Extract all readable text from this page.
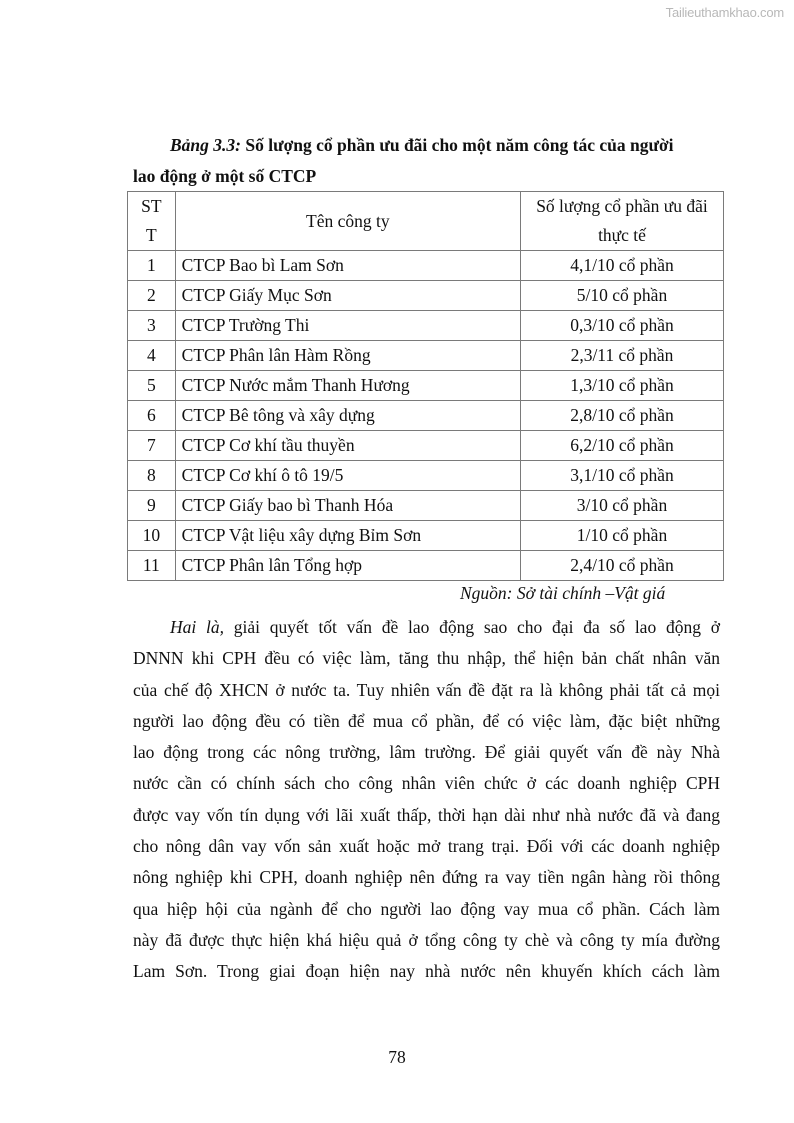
Tailieuthamkhao.com
Bảng 3.3: Số lượng cổ phần ưu đãi cho một năm công tác của người
lao động ở một số CTCP
ST
T	Tên công ty	Số lượng cổ phần ưu đãi
thực tế
1	CTCP Bao bì Lam Sơn	4,1/10 cổ phần
2	CTCP Giấy Mục Sơn	5/10 cổ phần
3	CTCP Trường Thi	0,3/10 cổ phần
4	CTCP Phân lân Hàm Rồng	2,3/11 cổ phần
5	CTCP Nước mắm Thanh Hương	1,3/10 cổ phần
6	CTCP Bê tông và xây dựng	2,8/10 cổ phần
7	CTCP Cơ khí tầu thuyền	6,2/10 cổ phần
8	CTCP Cơ khí ô tô 19/5	3,1/10 cổ phần
9	CTCP Giấy bao bì Thanh Hóa	3/10 cổ phần
10	CTCP Vật liệu xây dựng Bỉm Sơn	1/10 cổ phần
11	CTCP Phân lân Tổng hợp	2,4/10 cổ phần
Nguồn: Sở tài chính –Vật giá
Hai là, giải quyết tốt vấn đề lao động sao cho đại đa số lao động ở
DNNN khi CPH đều có việc làm, tăng thu nhập, thể hiện bản chất nhân văn
của chế độ XHCN ở nước ta. Tuy nhiên vấn đề đặt ra là không phải tất cả mọi
người lao động đều có tiền để mua cổ phần, để có việc làm, đặc biệt những
lao động trong các nông trường, lâm trường. Để giải quyết vấn đề này Nhà
nước cần có chính sách cho công nhân viên chức ở các doanh nghiệp CPH
được vay vốn tín dụng với lãi xuất thấp, thời hạn dài như nhà nước đã và đang
cho nông dân vay vốn sản xuất hoặc mở trang trại. Đối với các doanh nghiệp
nông nghiệp khi CPH, doanh nghiệp nên đứng ra vay tiền ngân hàng rồi thông
qua hiệp hội của ngành để cho người lao động vay mua cổ phần. Cách làm
này đã được thực hiện khá hiệu quả ở tổng công ty chè và công ty mía đường
Lam Sơn. Trong giai đoạn hiện nay nhà nước nên khuyến khích cách làm
78
